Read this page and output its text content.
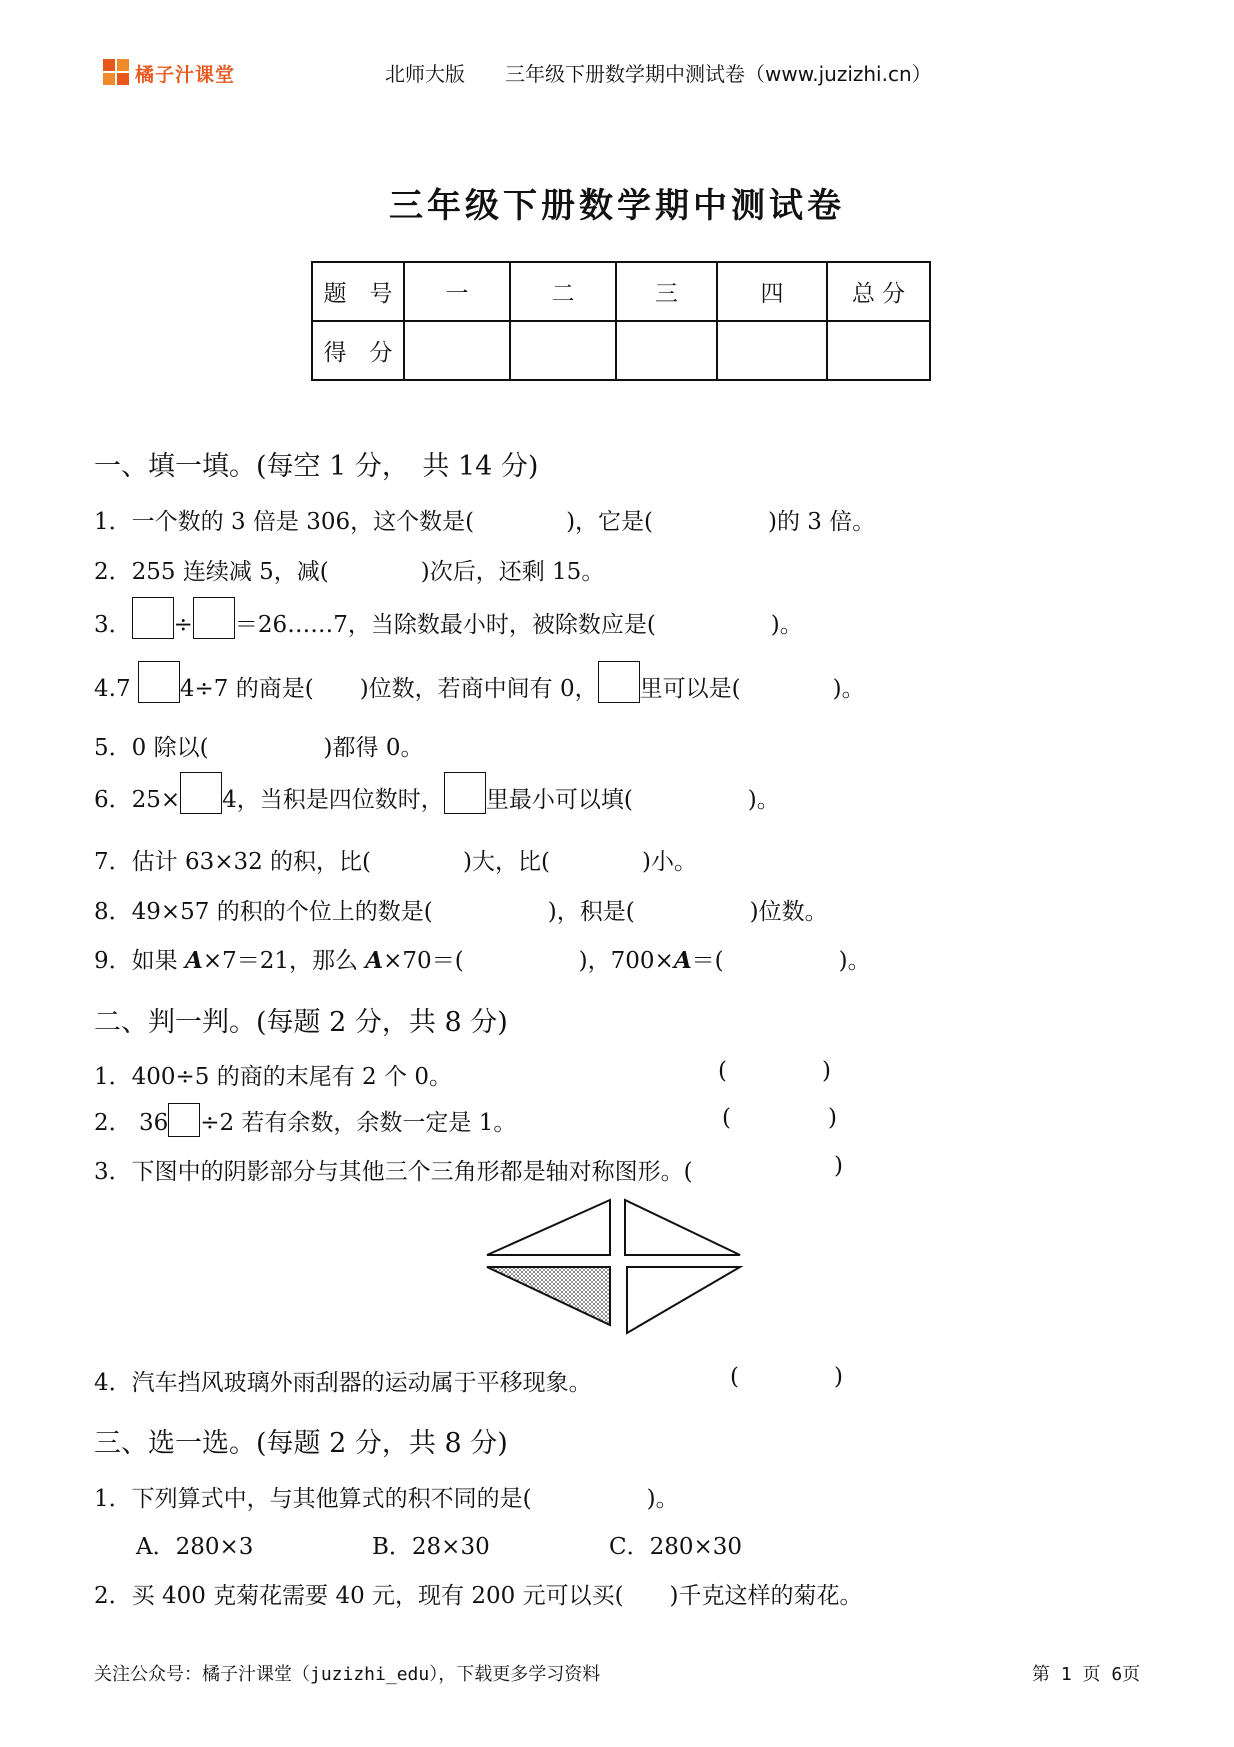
橘子汁课堂	北师大版 三年级下册数学期中测试卷（www.juzizhi.cn）
三年级下册数学期中测试卷
题　号	一	二	三	四	总 分
得　分					
一、填一填。(每空 1 分，　共 14 分)
1．一个数的 3 倍是 306，这个数是(　　　　)，它是(　　　　　)的 3 倍。
2．255 连续减 5，减(　　　　)次后，还剩 15。
3． ÷ ＝26……7，当除数最小时，被除数应是(　　　　　)。
4.7 4÷7 的商是(　　)位数，若商中间有 0， 里可以是(　　　　)。
5．0 除以(　　　　　)都得 0。
6．25× 4，当积是四位数时， 里最小可以填(　　　　　)。
7．估计 63×32 的积，比(　　　　)大，比(　　　　)小。
8．49×57 的积的个位上的数是(　　　　　)，积是(　　　　　)位数。
9．如果 A×7＝21，那么 A×70＝(　　　　　)，700×A＝(　　　　　)。
二、判一判。(每题 2 分，共 8 分)
1．400÷5 的商的末尾有 2 个 0。	(	)
2． 36 ÷2 若有余数，余数一定是 1。	(	)
3．下图中的阴影部分与其他三个三角形都是轴对称图形。(	)
4．汽车挡风玻璃外雨刮器的运动属于平移现象。	(	)
三、选一选。(每题 2 分，共 8 分)
1．下列算式中，与其他算式的积不同的是(　　　　　)。
A．280×3	B．28×30	C．280×30
2．买 400 克菊花需要 40 元，现有 200 元可以买(　　)千克这样的菊花。
关注公众号：橘子汁课堂（juzizhi_edu），下载更多学习资料	第 1 页 6页
